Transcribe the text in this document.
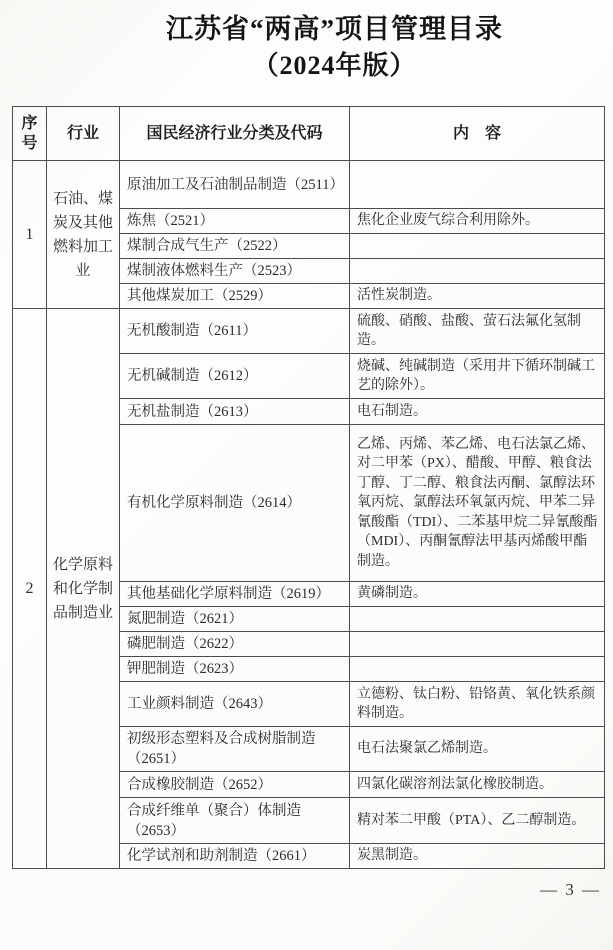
江苏省“两高”项目管理目录
（2024年版）
序号	行业	国民经济行业分类及代码	内　容
1	石油、煤炭及其他燃料加工业	原油加工及石油制品制造（2511）	
		炼焦（2521）	焦化企业废气综合利用除外。
		煤制合成气生产（2522）	
		煤制液体燃料生产（2523）	
		其他煤炭加工（2529）	活性炭制造。
2	化学原料和化学制品制造业	无机酸制造（2611）	硫酸、硝酸、盐酸、萤石法氟化氢制造。
		无机碱制造（2612）	烧碱、纯碱制造（采用井下循环制碱工艺的除外）。
		无机盐制造（2613）	电石制造。
		有机化学原料制造（2614）	乙烯、丙烯、苯乙烯、电石法氯乙烯、对二甲苯（PX）、醋酸、甲醇、粮食法丁醇、丁二醇、粮食法丙酮、氯醇法环氧丙烷、氯醇法环氧氯丙烷、甲苯二异氰酸酯（TDI）、二苯基甲烷二异氰酸酯（MDI）、丙酮氰醇法甲基丙烯酸甲酯制造。
		其他基础化学原料制造（2619）	黄磷制造。
		氮肥制造（2621）	
		磷肥制造（2622）	
		钾肥制造（2623）	
		工业颜料制造（2643）	立德粉、钛白粉、铅铬黄、氧化铁系颜料制造。
		初级形态塑料及合成树脂制造（2651）	电石法聚氯乙烯制造。
		合成橡胶制造（2652）	四氯化碳溶剂法氯化橡胶制造。
		合成纤维单（聚合）体制造（2653）	精对苯二甲酸（PTA）、乙二醇制造。
		化学试剂和助剂制造（2661）	炭黑制造。
— 3 —
